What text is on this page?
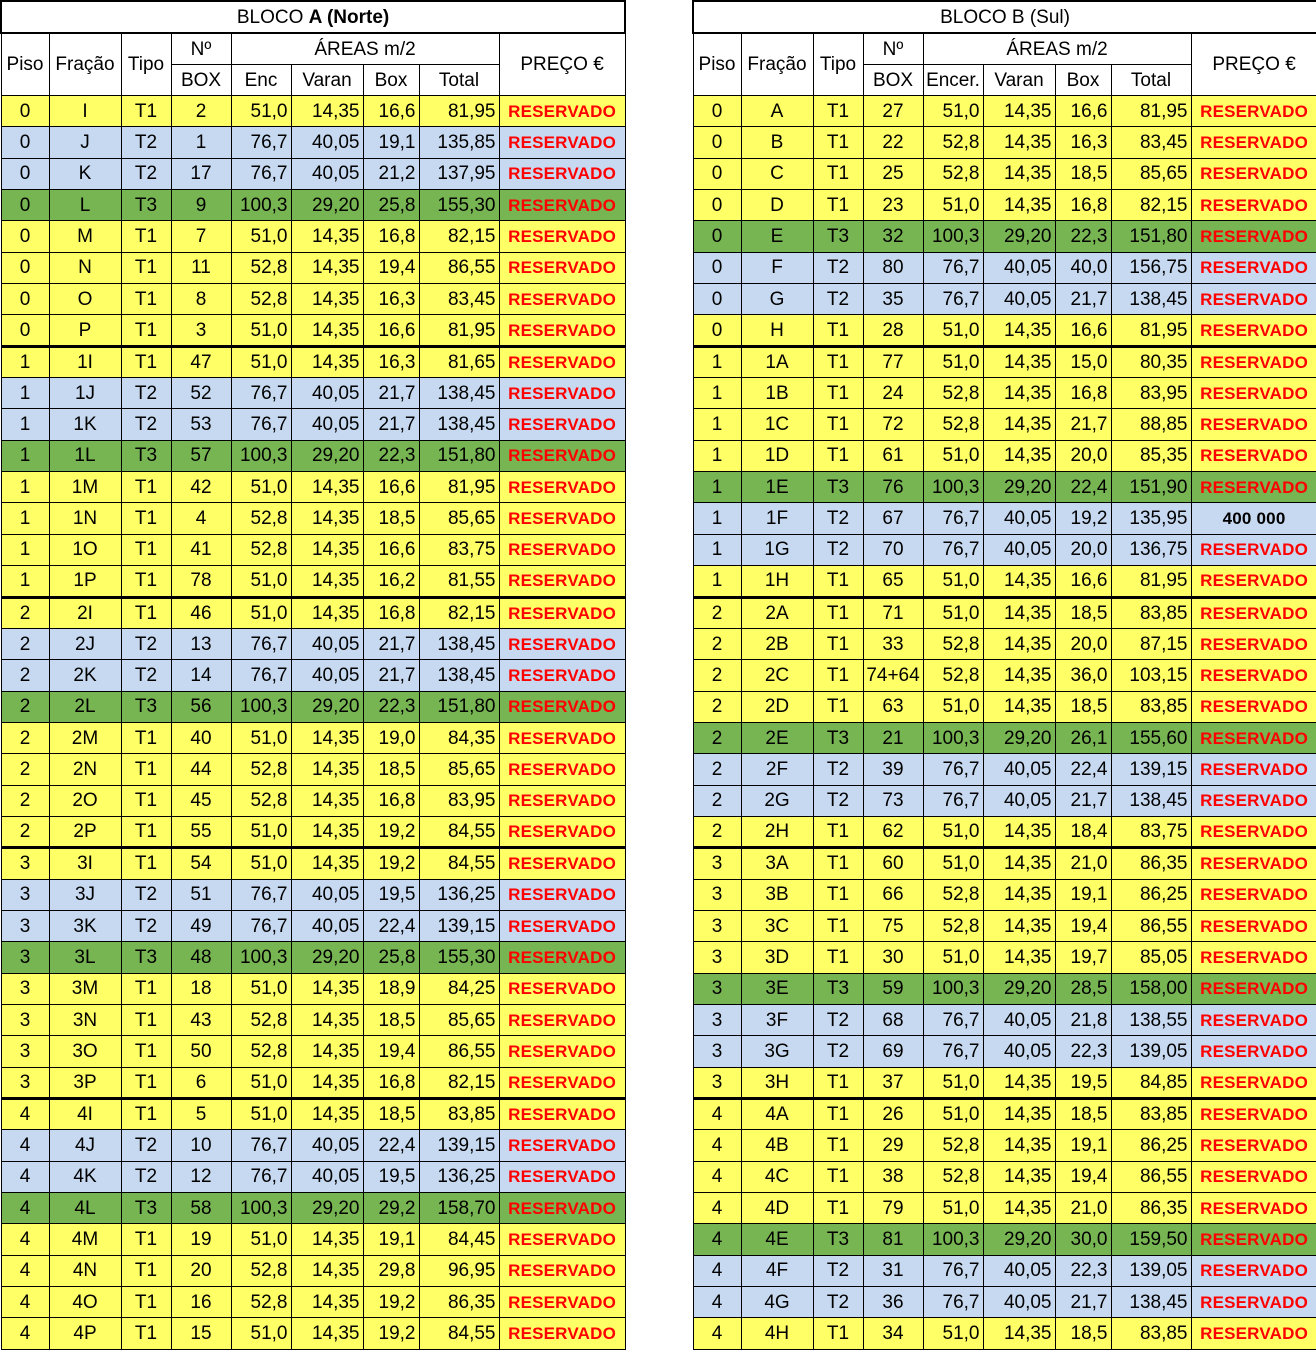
BLOCO A (Norte)								
Piso	Fração	Tipo	Nº	ÁREAS m/2				PREÇO €
			BOX	Enc	Varan	Box	Total	
0	I	T1	2	51,0	14,35	16,6	81,95	RESERVADO
0	J	T2	1	76,7	40,05	19,1	135,85	RESERVADO
0	K	T2	17	76,7	40,05	21,2	137,95	RESERVADO
0	L	T3	9	100,3	29,20	25,8	155,30	RESERVADO
0	M	T1	7	51,0	14,35	16,8	82,15	RESERVADO
0	N	T1	11	52,8	14,35	19,4	86,55	RESERVADO
0	O	T1	8	52,8	14,35	16,3	83,45	RESERVADO
0	P	T1	3	51,0	14,35	16,6	81,95	RESERVADO
1	1I	T1	47	51,0	14,35	16,3	81,65	RESERVADO
1	1J	T2	52	76,7	40,05	21,7	138,45	RESERVADO
1	1K	T2	53	76,7	40,05	21,7	138,45	RESERVADO
1	1L	T3	57	100,3	29,20	22,3	151,80	RESERVADO
1	1M	T1	42	51,0	14,35	16,6	81,95	RESERVADO
1	1N	T1	4	52,8	14,35	18,5	85,65	RESERVADO
1	1O	T1	41	52,8	14,35	16,6	83,75	RESERVADO
1	1P	T1	78	51,0	14,35	16,2	81,55	RESERVADO
2	2I	T1	46	51,0	14,35	16,8	82,15	RESERVADO
2	2J	T2	13	76,7	40,05	21,7	138,45	RESERVADO
2	2K	T2	14	76,7	40,05	21,7	138,45	RESERVADO
2	2L	T3	56	100,3	29,20	22,3	151,80	RESERVADO
2	2M	T1	40	51,0	14,35	19,0	84,35	RESERVADO
2	2N	T1	44	52,8	14,35	18,5	85,65	RESERVADO
2	2O	T1	45	52,8	14,35	16,8	83,95	RESERVADO
2	2P	T1	55	51,0	14,35	19,2	84,55	RESERVADO
3	3I	T1	54	51,0	14,35	19,2	84,55	RESERVADO
3	3J	T2	51	76,7	40,05	19,5	136,25	RESERVADO
3	3K	T2	49	76,7	40,05	22,4	139,15	RESERVADO
3	3L	T3	48	100,3	29,20	25,8	155,30	RESERVADO
3	3M	T1	18	51,0	14,35	18,9	84,25	RESERVADO
3	3N	T1	43	52,8	14,35	18,5	85,65	RESERVADO
3	3O	T1	50	52,8	14,35	19,4	86,55	RESERVADO
3	3P	T1	6	51,0	14,35	16,8	82,15	RESERVADO
4	4I	T1	5	51,0	14,35	18,5	83,85	RESERVADO
4	4J	T2	10	76,7	40,05	22,4	139,15	RESERVADO
4	4K	T2	12	76,7	40,05	19,5	136,25	RESERVADO
4	4L	T3	58	100,3	29,20	29,2	158,70	RESERVADO
4	4M	T1	19	51,0	14,35	19,1	84,45	RESERVADO
4	4N	T1	20	52,8	14,35	29,8	96,95	RESERVADO
4	4O	T1	16	52,8	14,35	19,2	86,35	RESERVADO
4	4P	T1	15	51,0	14,35	19,2	84,55	RESERVADO
BLOCO B (Sul)								
Piso	Fração	Tipo	Nº	ÁREAS m/2				PREÇO €
			BOX	Encer.	Varan	Box	Total	
0	A	T1	27	51,0	14,35	16,6	81,95	RESERVADO
0	B	T1	22	52,8	14,35	16,3	83,45	RESERVADO
0	C	T1	25	52,8	14,35	18,5	85,65	RESERVADO
0	D	T1	23	51,0	14,35	16,8	82,15	RESERVADO
0	E	T3	32	100,3	29,20	22,3	151,80	RESERVADO
0	F	T2	80	76,7	40,05	40,0	156,75	RESERVADO
0	G	T2	35	76,7	40,05	21,7	138,45	RESERVADO
0	H	T1	28	51,0	14,35	16,6	81,95	RESERVADO
1	1A	T1	77	51,0	14,35	15,0	80,35	RESERVADO
1	1B	T1	24	52,8	14,35	16,8	83,95	RESERVADO
1	1C	T1	72	52,8	14,35	21,7	88,85	RESERVADO
1	1D	T1	61	51,0	14,35	20,0	85,35	RESERVADO
1	1E	T3	76	100,3	29,20	22,4	151,90	RESERVADO
1	1F	T2	67	76,7	40,05	19,2	135,95	400 000
1	1G	T2	70	76,7	40,05	20,0	136,75	RESERVADO
1	1H	T1	65	51,0	14,35	16,6	81,95	RESERVADO
2	2A	T1	71	51,0	14,35	18,5	83,85	RESERVADO
2	2B	T1	33	52,8	14,35	20,0	87,15	RESERVADO
2	2C	T1	74+64	52,8	14,35	36,0	103,15	RESERVADO
2	2D	T1	63	51,0	14,35	18,5	83,85	RESERVADO
2	2E	T3	21	100,3	29,20	26,1	155,60	RESERVADO
2	2F	T2	39	76,7	40,05	22,4	139,15	RESERVADO
2	2G	T2	73	76,7	40,05	21,7	138,45	RESERVADO
2	2H	T1	62	51,0	14,35	18,4	83,75	RESERVADO
3	3A	T1	60	51,0	14,35	21,0	86,35	RESERVADO
3	3B	T1	66	52,8	14,35	19,1	86,25	RESERVADO
3	3C	T1	75	52,8	14,35	19,4	86,55	RESERVADO
3	3D	T1	30	51,0	14,35	19,7	85,05	RESERVADO
3	3E	T3	59	100,3	29,20	28,5	158,00	RESERVADO
3	3F	T2	68	76,7	40,05	21,8	138,55	RESERVADO
3	3G	T2	69	76,7	40,05	22,3	139,05	RESERVADO
3	3H	T1	37	51,0	14,35	19,5	84,85	RESERVADO
4	4A	T1	26	51,0	14,35	18,5	83,85	RESERVADO
4	4B	T1	29	52,8	14,35	19,1	86,25	RESERVADO
4	4C	T1	38	52,8	14,35	19,4	86,55	RESERVADO
4	4D	T1	79	51,0	14,35	21,0	86,35	RESERVADO
4	4E	T3	81	100,3	29,20	30,0	159,50	RESERVADO
4	4F	T2	31	76,7	40,05	22,3	139,05	RESERVADO
4	4G	T2	36	76,7	40,05	21,7	138,45	RESERVADO
4	4H	T1	34	51,0	14,35	18,5	83,85	RESERVADO
